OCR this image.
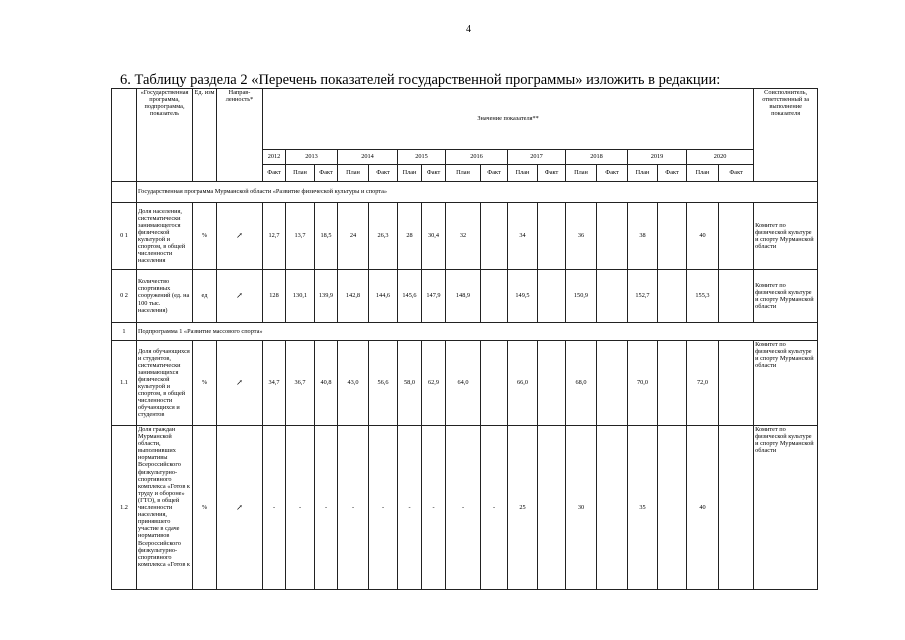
4
6. Таблицу раздела 2 «Перечень показателей государственной программы» изложить в редакции:
	«Государственная программа, подпрограмма, показатель	Ед. изм	Направ-ленность*	Значение показателя**																	Соисполнитель, ответственный за выполнение показателя
				2012	2013		2014		2015		2016		2017		2018		2019		2020		
				Факт	План	Факт	План	Факт	План	Факт	План	Факт	План	Факт	План	Факт	План	Факт	План	Факт	
	Государственная программа Мурманской области «Развитие физической культуры и спорта»																				
0 1	Доля населения, систематически занимающегося физической культурой и спортом, в общей численности населения	%	↗	12,7	13,7	18,5	24	26,3	28	30,4	32		34		36		38		40		Комитет по физической культуре и спорту Мурманской области
0 2	Количество спортивных сооружений (ед. на 100 тыс. населения)	ед	↗	128	130,1	139,9	142,8	144,6	145,6	147,9	148,9		149,5		150,9		152,7		155,3		Комитет по физической культуре и спорту Мурманской области
1	Подпрограмма 1 «Развитие массового спорта»																				
1.1	Доля обучающихся и студентов, систематически занимающихся физической культурой и спортом, в общей численности обучающихся и студентов	%	↗	34,7	36,7	40,8	43,0	56,6	58,0	62,9	64,0		66,0		68,0		70,0		72,0		Комитет по физической культуре и спорту Мурманской области
1.2	Доля граждан Мурманской области, выполнивших нормативы Всероссийского физкультурно-спортивного комплекса «Готов к труду и обороне» (ГТО), в общей численности населения, принявшего участие в сдаче нормативов Всероссийского физкультурно-спортивного комплекса «Готов к	%	↗	-	-	-	-	-	-	-	-	-	25		30		35		40		Комитет по физической культуре и спорту Мурманской области
